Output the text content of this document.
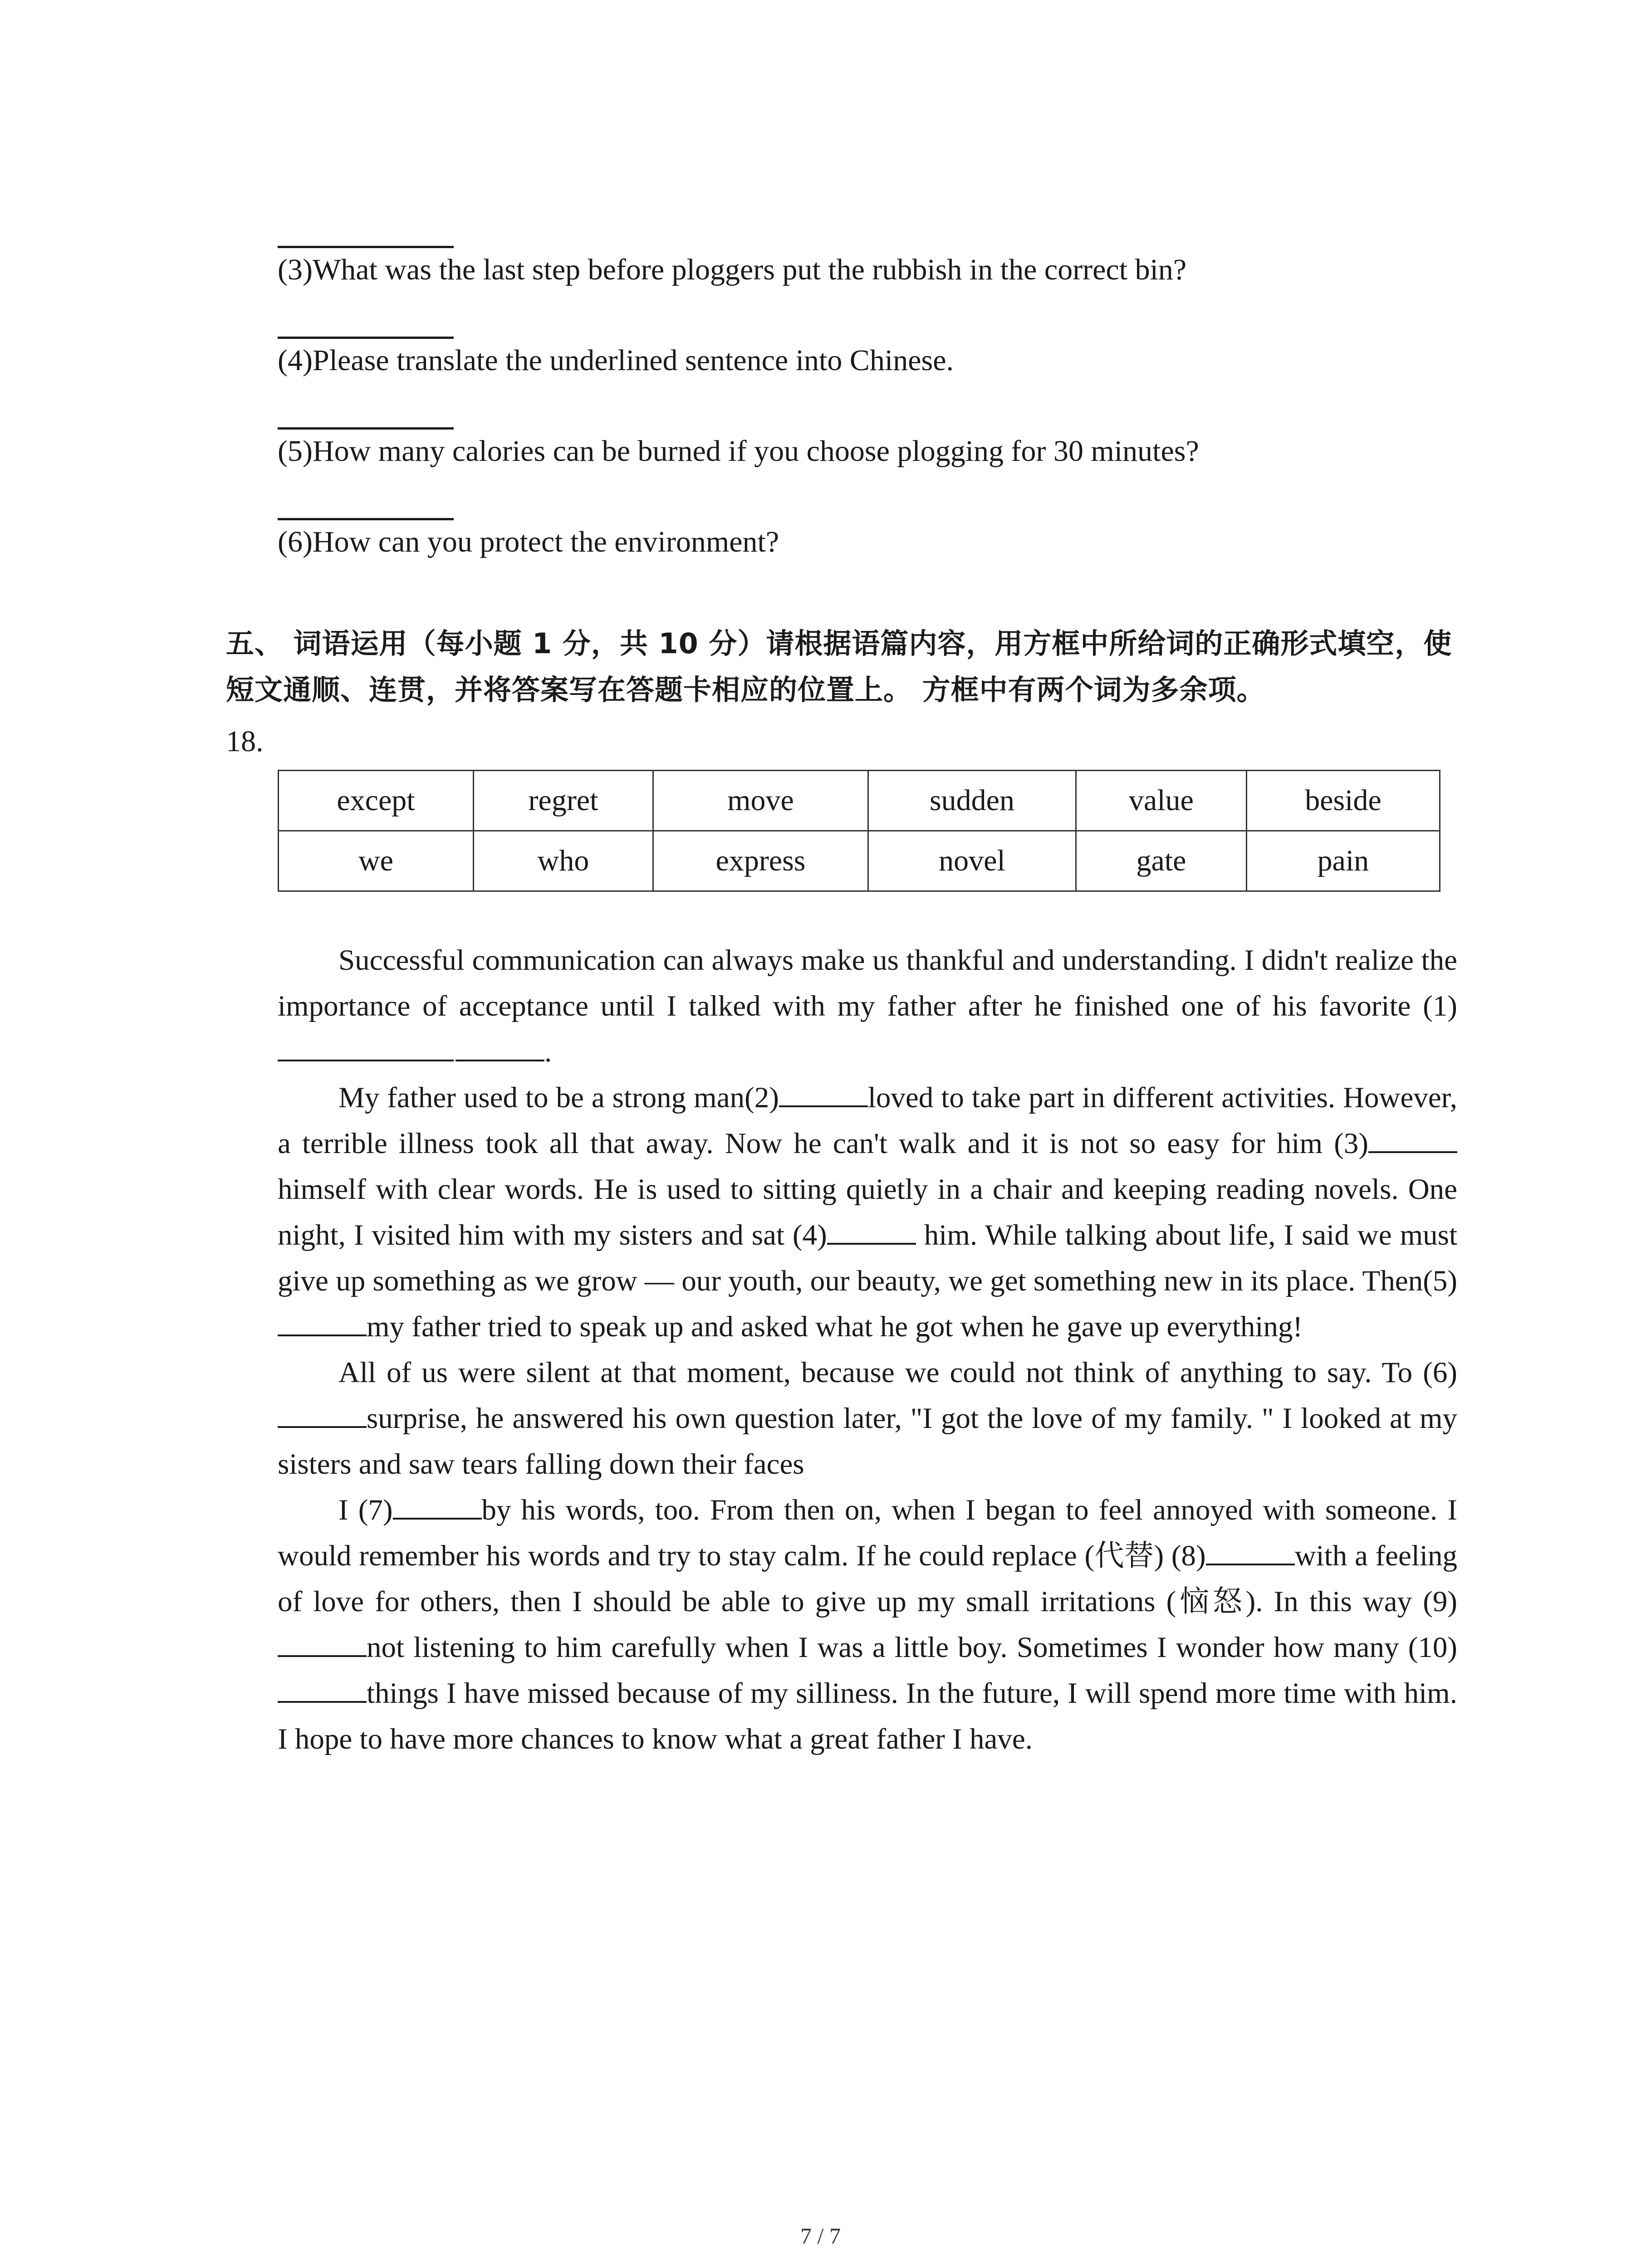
(3)What was the last step before ploggers put the rubbish in the correct bin?
(4)Please translate the underlined sentence into Chinese.
(5)How many calories can be burned if you choose plogging for 30 minutes?
(6)How can you protect the environment?
五、 词语运用（每小题 1 分，共 10 分）请根据语篇内容，用方框中所给词的正确形式填空，使短文通顺、连贯，并将答案写在答题卡相应的位置上。 方框中有两个词为多余项。
18.
except	regret	move	sudden	value	beside
we	who	express	novel	gate	pain

Successful communication can always make us thankful and understanding. I didn't realize the importance of acceptance until I talked with my father after he finished one of his favorite (1).

My father used to be a strong man(2)	loved to take part in different activities. However, a terrible illness took all that away. Now he can't walk and it is not so easy for him (3)himself with clear words. He is used to sitting quietly in a chair and keeping reading novels. One night, I visited him with my sisters and sat (4)	him. While talking about life, I said we must give up something as we grow — our youth, our beauty, we get something new in its place. Then(5)my father tried to speak up and asked what he got when he gave up everything!

All of us were silent at that moment, because we could not think of anything to say. To (6)surprise, he answered his own question later, "I got the love of my family. " I looked at my sisters and saw tears falling down their faces

I (7)	by his words, too. From then on, when I began to feel annoyed with someone. I would remember his words and try to stay calm. If he could replace (代替) (8)	with a feeling of love for others, then I should be able to give up my small irritations (恼怒). In this way (9)not listening to him carefully when I was a little boy. Sometimes I wonder how many (10)things I have missed because of my silliness. In the future, I will spend more time with him. I hope to have more chances to know what a great father I have.

7 / 7
